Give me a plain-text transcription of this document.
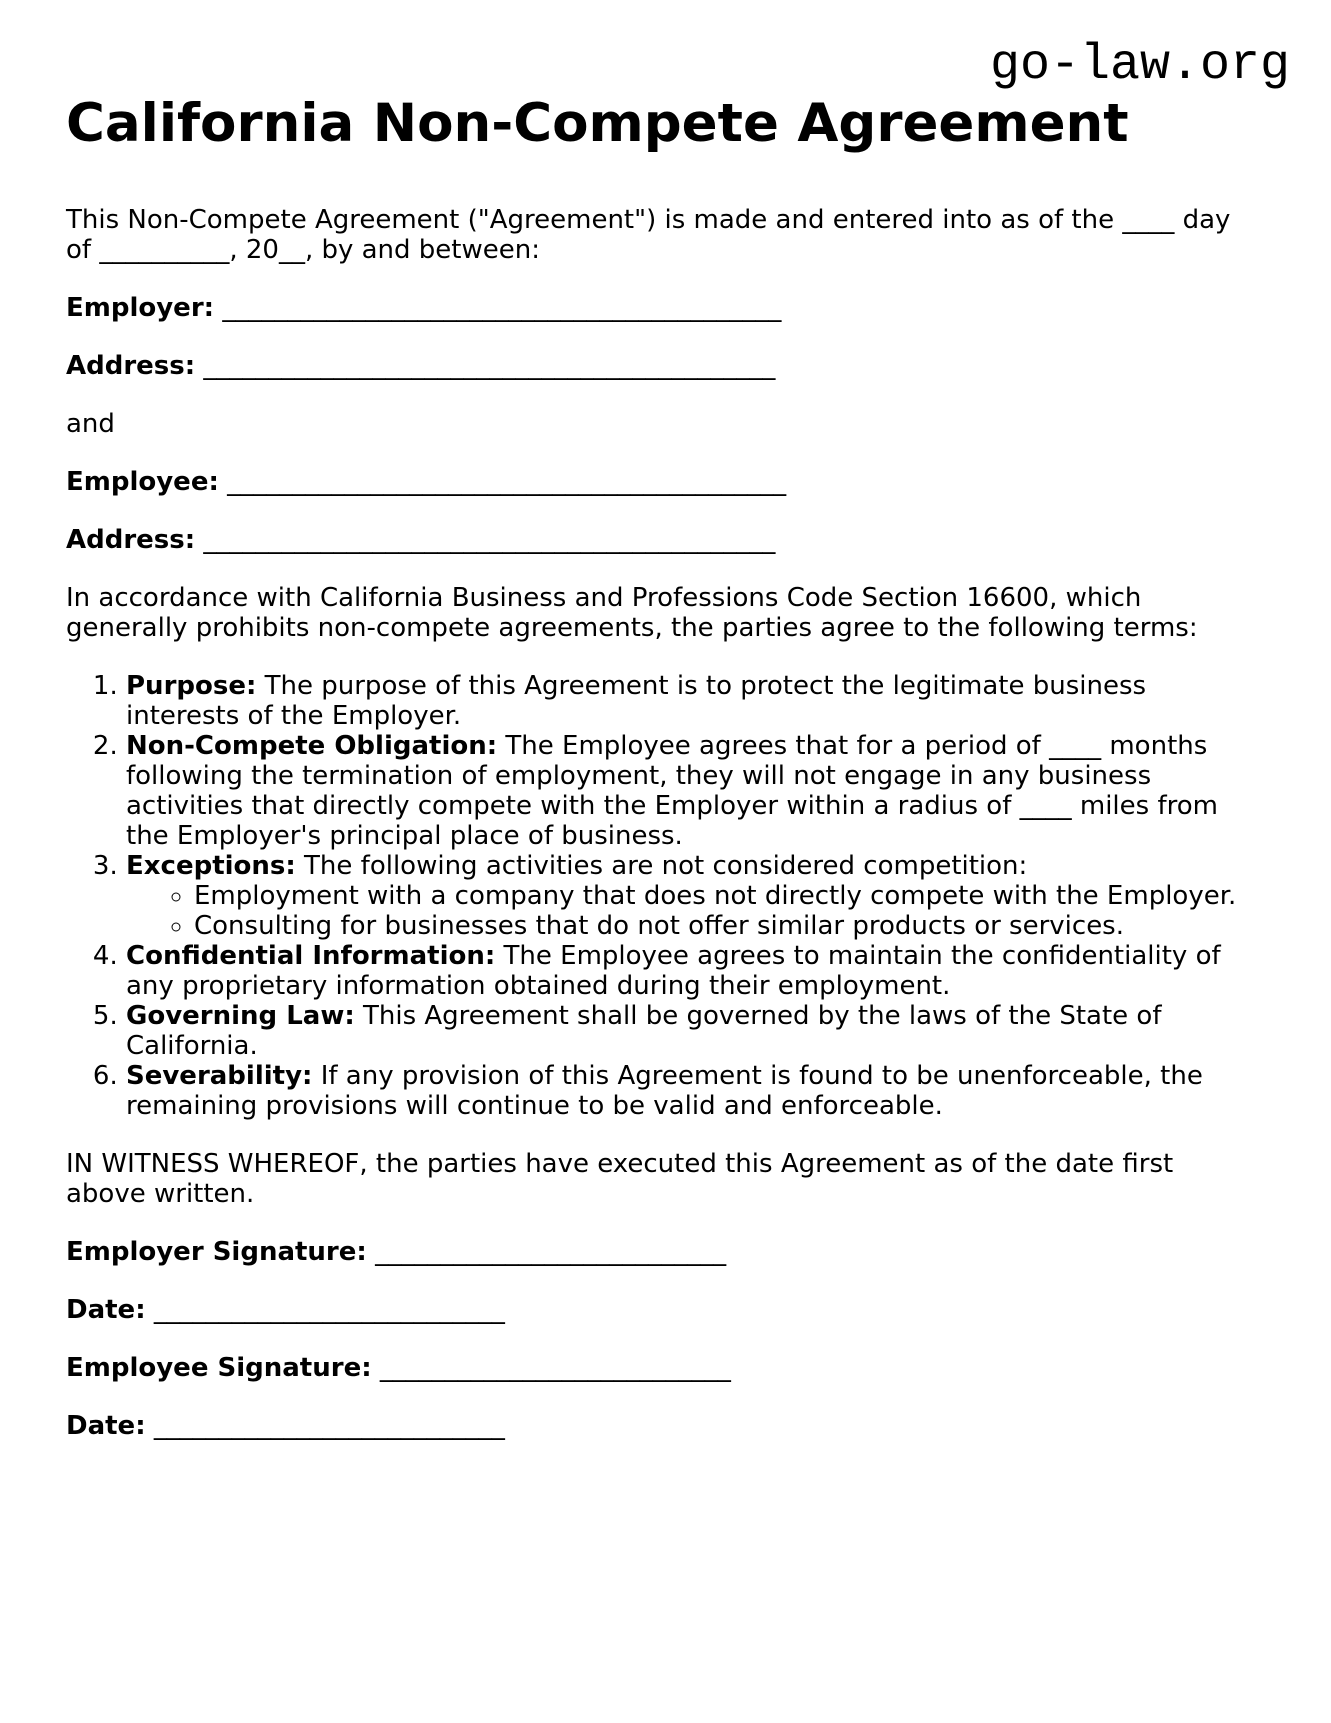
go-law.org
California Non-Compete Agreement

This Non-Compete Agreement ("Agreement") is made and entered into as of the ____ day of __________, 20__, by and between:

Employer: ___________________________________________

Address: ____________________________________________

and

Employee: ___________________________________________

Address: ____________________________________________

In accordance with California Business and Professions Code Section 16600, which generally prohibits non-compete agreements, the parties agree to the following terms:

1. Purpose: The purpose of this Agreement is to protect the legitimate business interests of the Employer.
2. Non-Compete Obligation: The Employee agrees that for a period of ____ months following the termination of employment, they will not engage in any business activities that directly compete with the Employer within a radius of ____ miles from the Employer's principal place of business.
3. Exceptions: The following activities are not considered competition:
◦ Employment with a company that does not directly compete with the Employer.
◦ Consulting for businesses that do not offer similar products or services.
4. Confidential Information: The Employee agrees to maintain the confidentiality of any proprietary information obtained during their employment.
5. Governing Law: This Agreement shall be governed by the laws of the State of California.
6. Severability: If any provision of this Agreement is found to be unenforceable, the remaining provisions will continue to be valid and enforceable.

IN WITNESS WHEREOF, the parties have executed this Agreement as of the date first above written.

Employer Signature: ___________________________

Date: ___________________________

Employee Signature: ___________________________

Date: ___________________________
